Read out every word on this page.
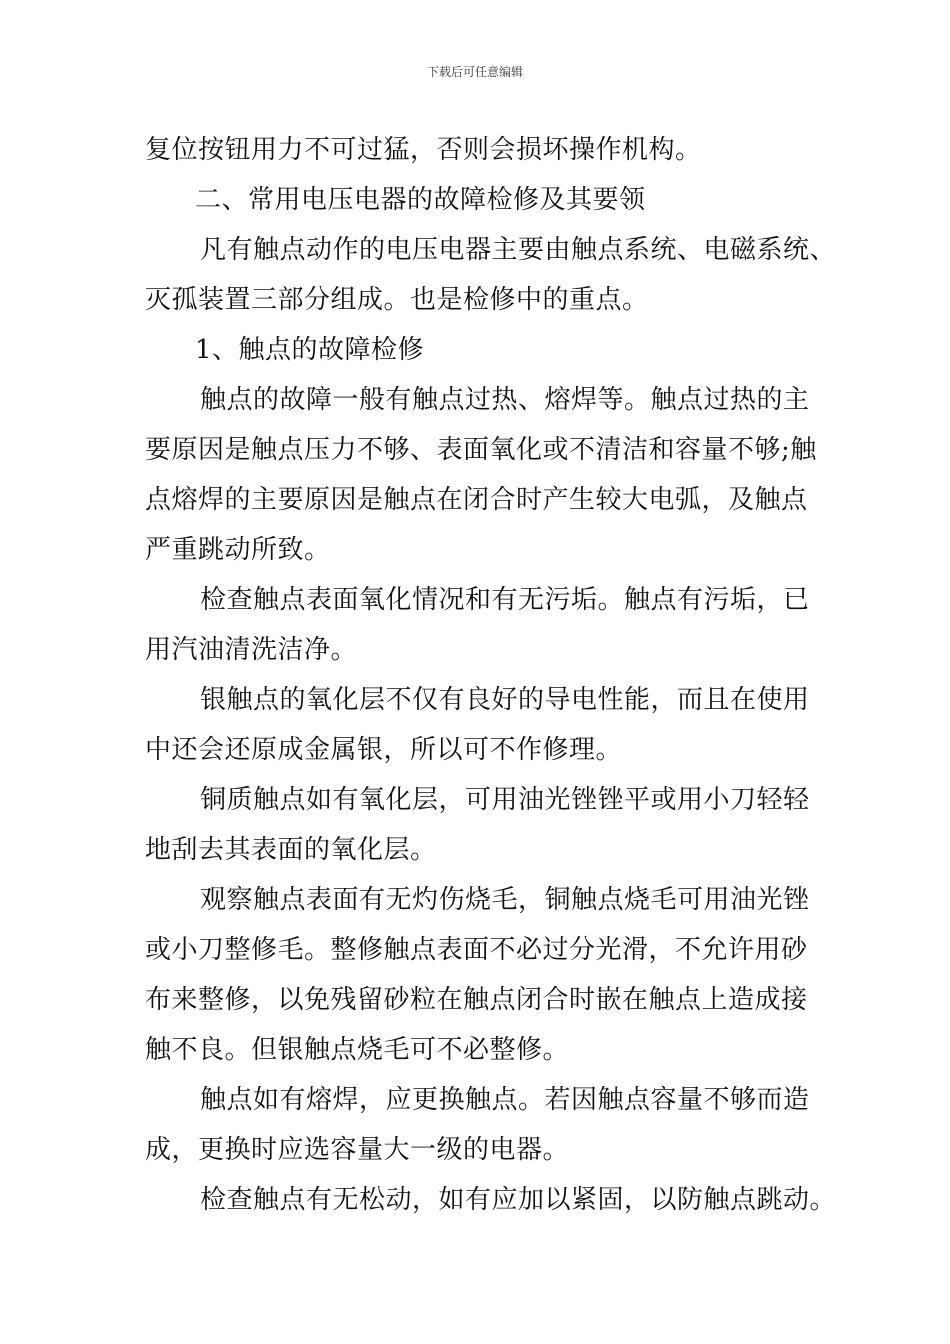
下载后可任意编辑
复位按钮用力不可过猛，否则会损坏操作机构。
二、常用电压电器的故障检修及其要领
凡有触点动作的电压电器主要由触点系统、电磁系统、
灭孤装置三部分组成。也是检修中的重点。
1、触点的故障检修
触点的故障一般有触点过热、熔焊等。触点过热的主
要原因是触点压力不够、表面氧化或不清洁和容量不够;触
点熔焊的主要原因是触点在闭合时产生较大电弧，及触点
严重跳动所致。
检查触点表面氧化情况和有无污垢。触点有污垢，已
用汽油清洗洁净。
银触点的氧化层不仅有良好的导电性能，而且在使用
中还会还原成金属银，所以可不作修理。
铜质触点如有氧化层，可用油光锉锉平或用小刀轻轻
地刮去其表面的氧化层。
观察触点表面有无灼伤烧毛，铜触点烧毛可用油光锉
或小刀整修毛。整修触点表面不必过分光滑，不允许用砂
布来整修，以免残留砂粒在触点闭合时嵌在触点上造成接
触不良。但银触点烧毛可不必整修。
触点如有熔焊，应更换触点。若因触点容量不够而造
成，更换时应选容量大一级的电器。
检查触点有无松动，如有应加以紧固，以防触点跳动。
